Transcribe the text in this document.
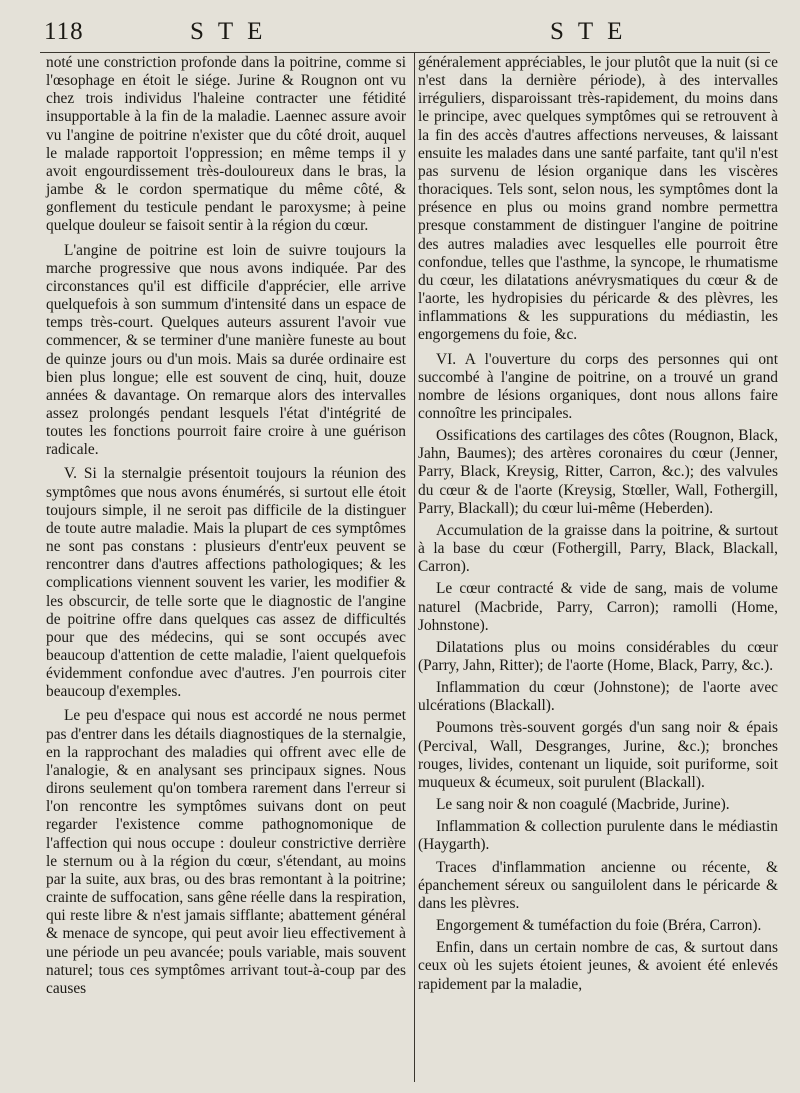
118	STE	STE

noté une constriction profonde dans la poitrine, comme si l'œsophage en étoit le siége. Jurine & Rougnon ont vu chez trois individus l'haleine contracter une fétidité insupportable à la fin de la maladie. Laennec assure avoir vu l'angine de poitrine n'exister que du côté droit, auquel le malade rapportoit l'oppression; en même temps il y avoit engourdissement très-douloureux dans le bras, la jambe & le cordon spermatique du même côté, & gonflement du testicule pendant le paroxysme; à peine quelque douleur se faisoit sentir à la région du cœur.

L'angine de poitrine est loin de suivre toujours la marche progressive que nous avons indiquée. Par des circonstances qu'il est difficile d'apprécier, elle arrive quelquefois à son summum d'intensité dans un espace de temps très-court. Quelques auteurs assurent l'avoir vue commencer, & se terminer d'une manière funeste au bout de quinze jours ou d'un mois. Mais sa durée ordinaire est bien plus longue; elle est souvent de cinq, huit, douze années & davantage. On remarque alors des intervalles assez prolongés pendant lesquels l'état d'intégrité de toutes les fonctions pourroit faire croire à une guérison radicale.

V. Si la sternalgie présentoit toujours la réunion des symptômes que nous avons énumérés, si surtout elle étoit toujours simple, il ne seroit pas difficile de la distinguer de toute autre maladie. Mais la plupart de ces symptômes ne sont pas constans : plusieurs d'entr'eux peuvent se rencontrer dans d'autres affections pathologiques; & les complications viennent souvent les varier, les modifier & les obscurcir, de telle sorte que le diagnostic de l'angine de poitrine offre dans quelques cas assez de difficultés pour que des médecins, qui se sont occupés avec beaucoup d'attention de cette maladie, l'aient quelquefois évidemment confondue avec d'autres. J'en pourrois citer beaucoup d'exemples.

Le peu d'espace qui nous est accordé ne nous permet pas d'entrer dans les détails diagnostiques de la sternalgie, en la rapprochant des maladies qui offrent avec elle de l'analogie, & en analysant ses principaux signes. Nous dirons seulement qu'on tombera rarement dans l'erreur si l'on rencontre les symptômes suivans dont on peut regarder l'existence comme pathognomonique de l'affection qui nous occupe : douleur constrictive derrière le sternum ou à la région du cœur, s'étendant, au moins par la suite, aux bras, ou des bras remontant à la poitrine; crainte de suffocation, sans gêne réelle dans la respiration, qui reste libre & n'est jamais sifflante; abattement général & menace de syncope, qui peut avoir lieu effectivement à une période un peu avancée; pouls variable, mais souvent naturel; tous ces symptômes arrivant tout-à-coup par des causes

généralement appréciables, le jour plutôt que la nuit (si ce n'est dans la dernière période), à des intervalles irréguliers, disparoissant très-rapidement, du moins dans le principe, avec quelques symptômes qui se retrouvent à la fin des accès d'autres affections nerveuses, & laissant ensuite les malades dans une santé parfaite, tant qu'il n'est pas survenu de lésion organique dans les viscères thoraciques. Tels sont, selon nous, les symptômes dont la présence en plus ou moins grand nombre permettra presque constamment de distinguer l'angine de poitrine des autres maladies avec lesquelles elle pourroit être confondue, telles que l'asthme, la syncope, le rhumatisme du cœur, les dilatations anévrysmatiques du cœur & de l'aorte, les hydropisies du péricarde & des plèvres, les inflammations & les suppurations du médiastin, les engorgemens du foie, &c.

VI. A l'ouverture du corps des personnes qui ont succombé à l'angine de poitrine, on a trouvé un grand nombre de lésions organiques, dont nous allons faire connoître les principales.

Ossifications des cartilages des côtes (Rougnon, Black, Jahn, Baumes); des artères coronaires du cœur (Jenner, Parry, Black, Kreysig, Ritter, Carron, &c.); des valvules du cœur & de l'aorte (Kreysig, Stœller, Wall, Fothergill, Parry, Blackall); du cœur lui-même (Heberden).

Accumulation de la graisse dans la poitrine, & surtout à la base du cœur (Fothergill, Parry, Black, Blackall, Carron).

Le cœur contracté & vide de sang, mais de volume naturel (Macbride, Parry, Carron); ramolli (Home, Johnstone).

Dilatations plus ou moins considérables du cœur (Parry, Jahn, Ritter); de l'aorte (Home, Black, Parry, &c.).

Inflammation du cœur (Johnstone); de l'aorte avec ulcérations (Blackall).

Poumons très-souvent gorgés d'un sang noir & épais (Percival, Wall, Desgranges, Jurine, &c.); bronches rouges, livides, contenant un liquide, soit puriforme, soit muqueux & écumeux, soit purulent (Blackall).

Le sang noir & non coagulé (Macbride, Jurine).

Inflammation & collection purulente dans le médiastin (Haygarth).

Traces d'inflammation ancienne ou récente, & épanchement séreux ou sanguilolent dans le péricarde & dans les plèvres.

Engorgement & tuméfaction du foie (Bréra, Carron).

Enfin, dans un certain nombre de cas, & surtout dans ceux où les sujets étoient jeunes, & avoient été enlevés rapidement par la maladie,
